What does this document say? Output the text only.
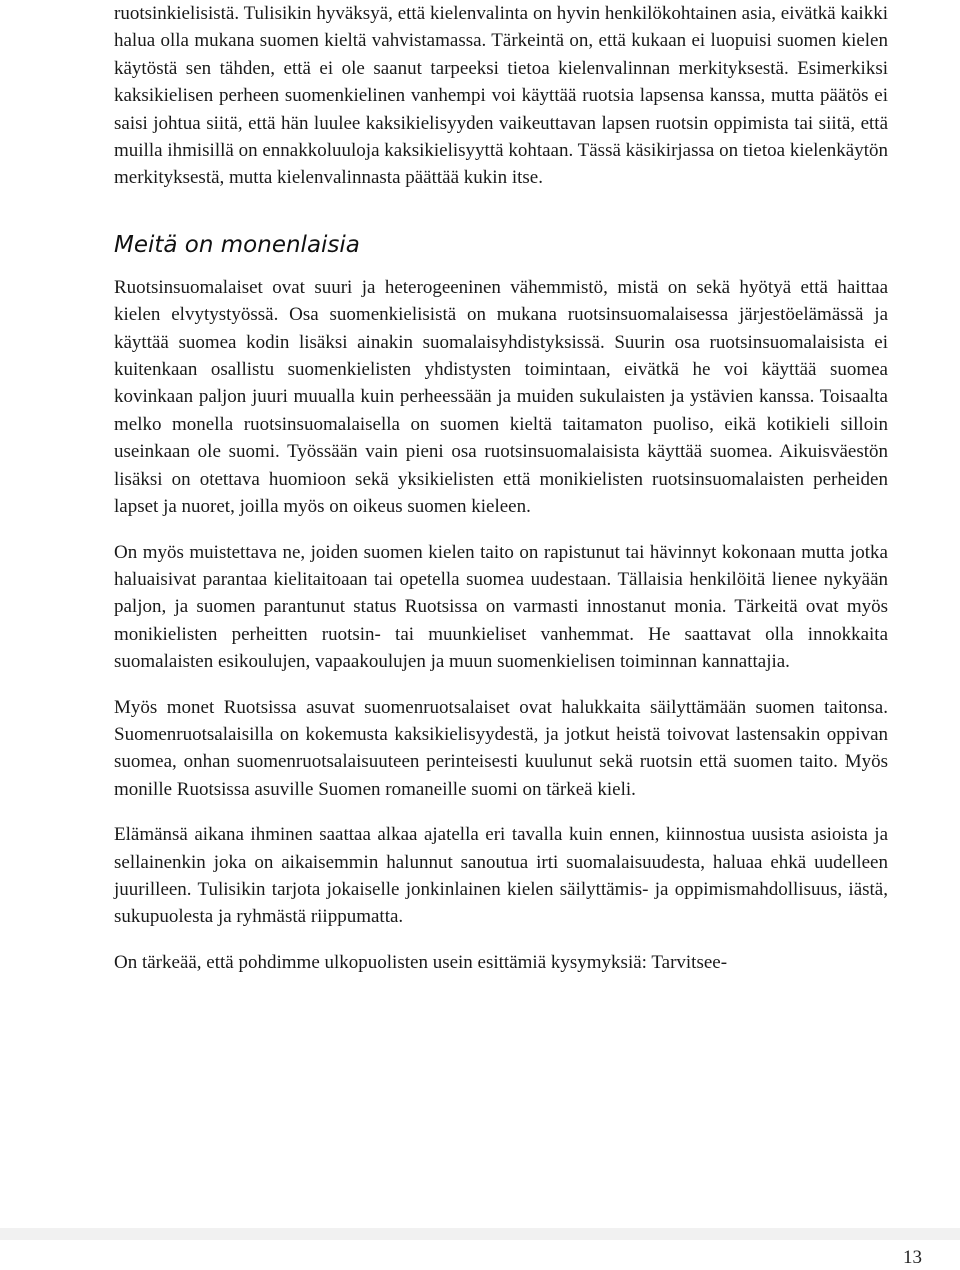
ruotsinkielisistä. Tulisikin hyväksyä, että kielenvalinta on hyvin henkilökohtainen asia, eivätkä kaikki halua olla mukana suomen kieltä vahvistamassa. Tärkeintä on, että kukaan ei luopuisi suomen kielen käytöstä sen tähden, että ei ole saanut tarpeeksi tietoa kielenvalinnan merkityksestä. Esimerkiksi kaksikielisen perheen suomenkielinen vanhempi voi käyttää ruotsia lapsensa kanssa, mutta päätös ei saisi johtua siitä, että hän luulee kaksikielisyyden vaikeuttavan lapsen ruotsin oppimista tai siitä, että muilla ihmisillä on ennakkoluuloja kaksikielisyyttä kohtaan. Tässä käsikirjassa on tietoa kielenkäytön merkityksestä, mutta kielenvalinnasta päättää kukin itse.

Meitä on monenlaisia

Ruotsinsuomalaiset ovat suuri ja heterogeeninen vähemmistö, mistä on sekä hyötyä että haittaa kielen elvytystyössä. Osa suomenkielisistä on mukana ruotsinsuomalaisessa järjestöelämässä ja käyttää suomea kodin lisäksi ainakin suomalaisyhdistyksissä. Suurin osa ruotsinsuomalaisista ei kuitenkaan osallistu suomenkielisten yhdistysten toimintaan, eivätkä he voi käyttää suomea kovinkaan paljon juuri muualla kuin perheessään ja muiden sukulaisten ja ystävien kanssa. Toisaalta melko monella ruotsinsuomalaisella on suomen kieltä taitamaton puoliso, eikä kotikieli silloin useinkaan ole suomi. Työssään vain pieni osa ruotsinsuomalaisista käyttää suomea. Aikuisväestön lisäksi on otettava huomioon sekä yksikielisten että monikielisten ruotsinsuomalaisten perheiden lapset ja nuoret, joilla myös on oikeus suomen kieleen.

On myös muistettava ne, joiden suomen kielen taito on rapistunut tai hävinnyt kokonaan mutta jotka haluaisivat parantaa kielitaitoaan tai opetella suomea uudestaan. Tällaisia henkilöitä lienee nykyään paljon, ja suomen parantunut status Ruotsissa on varmasti innostanut monia. Tärkeitä ovat myös monikielisten perheitten ruotsin- tai muunkieliset vanhemmat. He saattavat olla innokkaita suomalaisten esikoulujen, vapaakoulujen ja muun suomenkielisen toiminnan kannattajia.

Myös monet Ruotsissa asuvat suomenruotsalaiset ovat halukkaita säilyttämään suomen taitonsa. Suomenruotsalaisilla on kokemusta kaksikielisyydestä, ja jotkut heistä toivovat lastensakin oppivan suomea, onhan suomenruotsalaisuuteen perinteisesti kuulunut sekä ruotsin että suomen taito. Myös monille Ruotsissa asuville Suomen romaneille suomi on tärkeä kieli.

Elämänsä aikana ihminen saattaa alkaa ajatella eri tavalla kuin ennen, kiinnostua uusista asioista ja sellainenkin joka on aikaisemmin halunnut sanoutua irti suomalaisuudesta, haluaa ehkä uudelleen juurilleen. Tulisikin tarjota jokaiselle jonkinlainen kielen säilyttämis- ja oppimismahdollisuus, iästä, sukupuolesta ja ryhmästä riippumatta.

On tärkeää, että pohdimme ulkopuolisten usein esittämiä kysymyksiä: Tarvitsee-

13
